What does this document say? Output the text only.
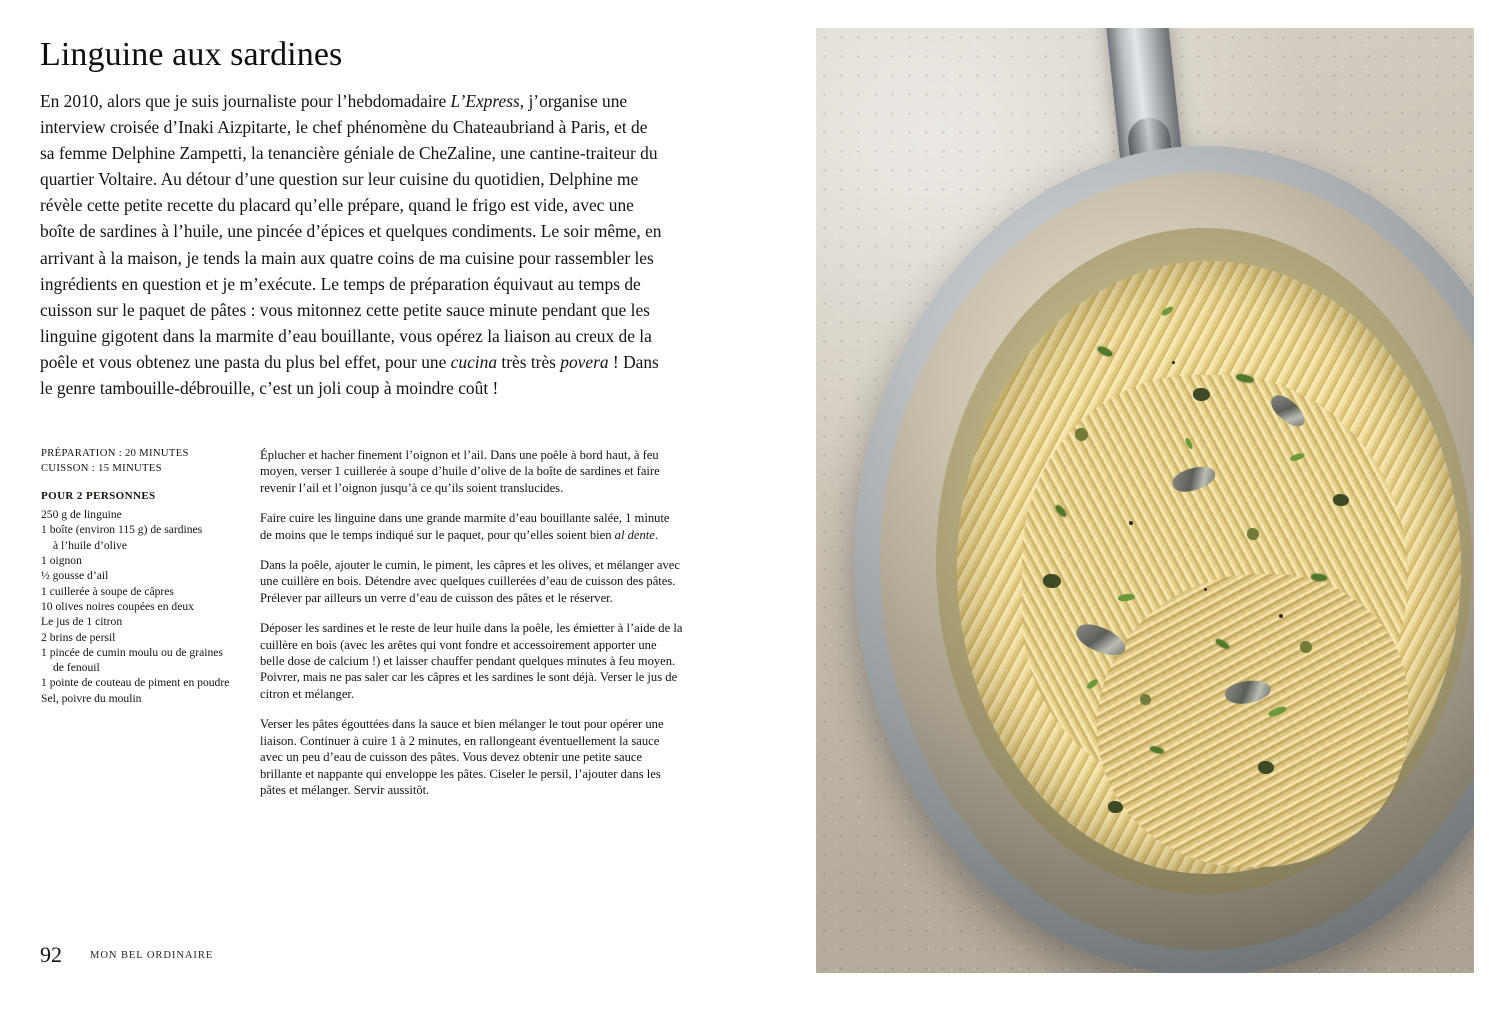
Linguine aux sardines
En 2010, alors que je suis journaliste pour l’hebdomadaire L’Express, j’organise une interview croisée d’Inaki Aizpitarte, le chef phénomène du Chateaubriand à Paris, et de sa femme Delphine Zampetti, la tenancière géniale de CheZaline, une cantine-traiteur du quartier Voltaire. Au détour d’une question sur leur cuisine du quotidien, Delphine me révèle cette petite recette du placard qu’elle prépare, quand le frigo est vide, avec une boîte de sardines à l’huile, une pincée d’épices et quelques condiments. Le soir même, en arrivant à la maison, je tends la main aux quatre coins de ma cuisine pour rassembler les ingrédients en question et je m’exécute. Le temps de préparation équivaut au temps de cuisson sur le paquet de pâtes : vous mitonnez cette petite sauce minute pendant que les linguine gigotent dans la marmite d’eau bouillante, vous opérez la liaison au creux de la poêle et vous obtenez une pasta du plus bel effet, pour une cucina très très povera ! Dans le genre tambouille-débrouille, c’est un joli coup à moindre coût !
PRÉPARATION : 20 MINUTES
CUISSON : 15 MINUTES
POUR 2 PERSONNES
250 g de linguine
1 boîte (environ 115 g) de sardines
à l’huile d’olive
1 oignon
½ gousse d’ail
1 cuillerée à soupe de câpres
10 olives noires coupées en deux
Le jus de 1 citron
2 brins de persil
1 pincée de cumin moulu ou de graines
de fenouil
1 pointe de couteau de piment en poudre
Sel, poivre du moulin

Éplucher et hacher finement l’oignon et l’ail. Dans une poêle à bord haut, à feu moyen, verser 1 cuillerée à soupe d’huile d’olive de la boîte de sardines et faire revenir l’ail et l’oignon jusqu’à ce qu’ils soient translucides.

Faire cuire les linguine dans une grande marmite d’eau bouillante salée, 1 minute de moins que le temps indiqué sur le paquet, pour qu’elles soient bien al dente.

Dans la poêle, ajouter le cumin, le piment, les câpres et les olives, et mélanger avec une cuillère en bois. Détendre avec quelques cuillerées d’eau de cuisson des pâtes. Prélever par ailleurs un verre d’eau de cuisson des pâtes et le réserver.

Déposer les sardines et le reste de leur huile dans la poêle, les émietter à l’aide de la cuillère en bois (avec les arêtes qui vont fondre et accessoirement apporter une belle dose de calcium !) et laisser chauffer pendant quelques minutes à feu moyen. Poivrer, mais ne pas saler car les câpres et les sardines le sont déjà. Verser le jus de citron et mélanger.

Verser les pâtes égouttées dans la sauce et bien mélanger le tout pour opérer une liaison. Continuer à cuire 1 à 2 minutes, en rallongeant éventuellement la sauce avec un peu d’eau de cuisson des pâtes. Vous devez obtenir une petite sauce brillante et nappante qui enveloppe les pâtes. Ciseler le persil, l’ajouter dans les pâtes et mélanger. Servir aussitôt.

92	MON BEL ORDINAIRE
